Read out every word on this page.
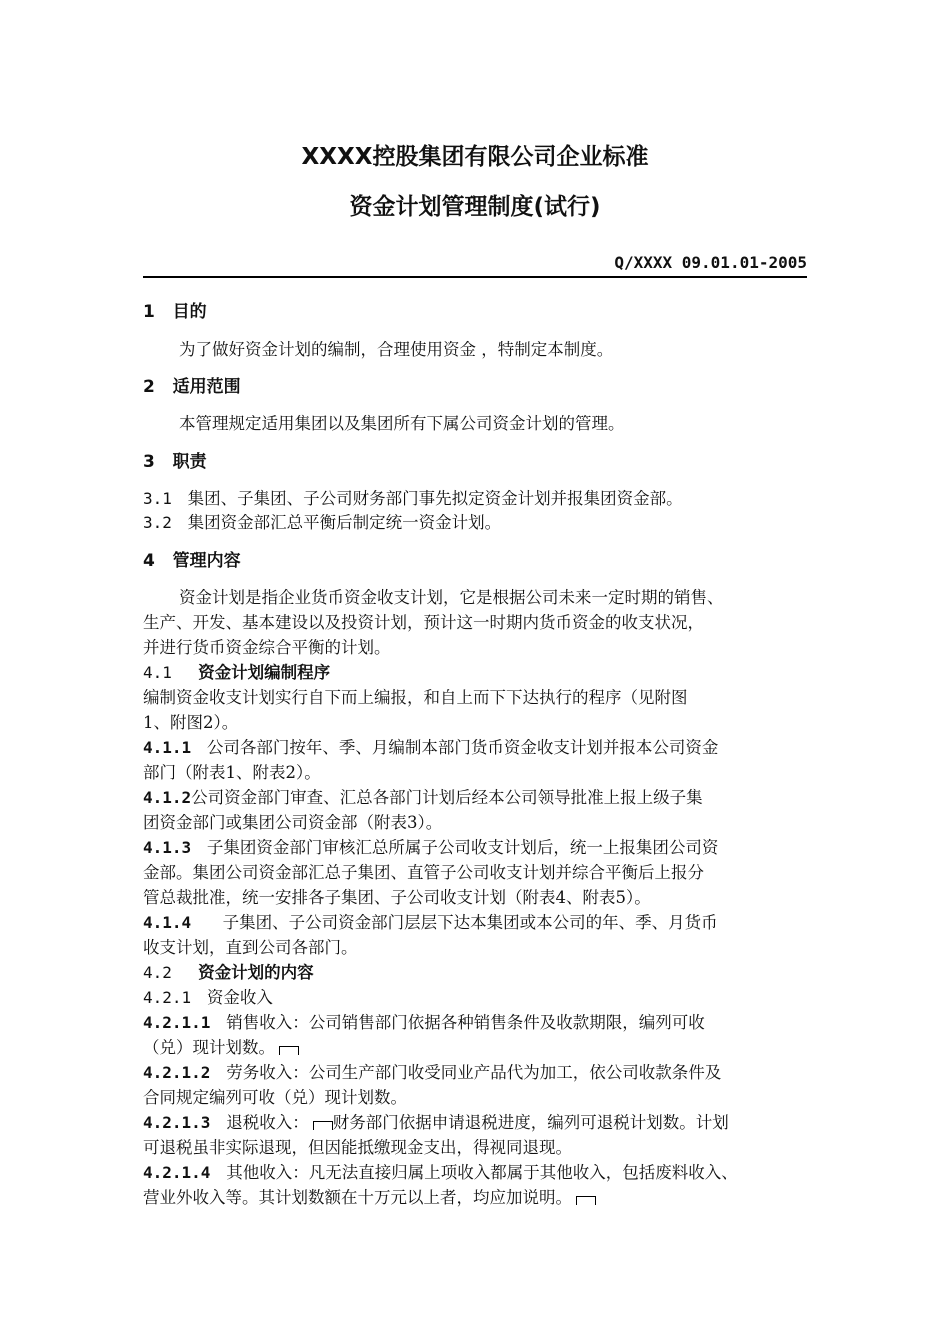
XXXX控股集团有限公司企业标准
资金计划管理制度(试行)
Q/XXXX 09.01.01-2005
1 目的
为了做好资金计划的编制，合理使用资金 ，特制定本制度。
2 适用范围
本管理规定适用集团以及集团所有下属公司资金计划的管理。
3 职责
3.1 集团、子集团、子公司财务部门事先拟定资金计划并报集团资金部。
3.2 集团资金部汇总平衡后制定统一资金计划。
4 管理内容
资金计划是指企业货币资金收支计划，它是根据公司未来一定时期的销售、
生产、开发、基本建设以及投资计划，预计这一时期内货币资金的收支状况，
并进行货币资金综合平衡的计划。
4.1 资金计划编制程序
编制资金收支计划实行自下而上编报，和自上而下下达执行的程序（见附图
1、附图2）。
4.1.1 公司各部门按年、季、月编制本部门货币资金收支计划并报本公司资金
部门（附表1、附表2）。
4.1.2公司资金部门审查、汇总各部门计划后经本公司领导批准上报上级子集
团资金部门或集团公司资金部（附表3）。
4.1.3 子集团资金部门审核汇总所属子公司收支计划后，统一上报集团公司资
金部。集团公司资金部汇总子集团、直管子公司收支计划并综合平衡后上报分
管总裁批准，统一安排各子集团、子公司收支计划（附表4、附表5）。
4.1.4 子集团、子公司资金部门层层下达本集团或本公司的年、季、月货币
收支计划，直到公司各部门。
4.2 资金计划的内容
4.2.1 资金收入
4.2.1.1 销售收入：公司销售部门依据各种销售条件及收款期限，编列可收
（兑）现计划数。
4.2.1.2 劳务收入：公司生产部门收受同业产品代为加工，依公司收款条件及
合同规定编列可收（兑）现计划数。
4.2.1.3 退税收入： 财务部门依据申请退税进度，编列可退税计划数。计划
可退税虽非实际退现，但因能抵缴现金支出，得视同退现。
4.2.1.4 其他收入：凡无法直接归属上项收入都属于其他收入，包括废料收入、
营业外收入等。其计划数额在十万元以上者，均应加说明。
